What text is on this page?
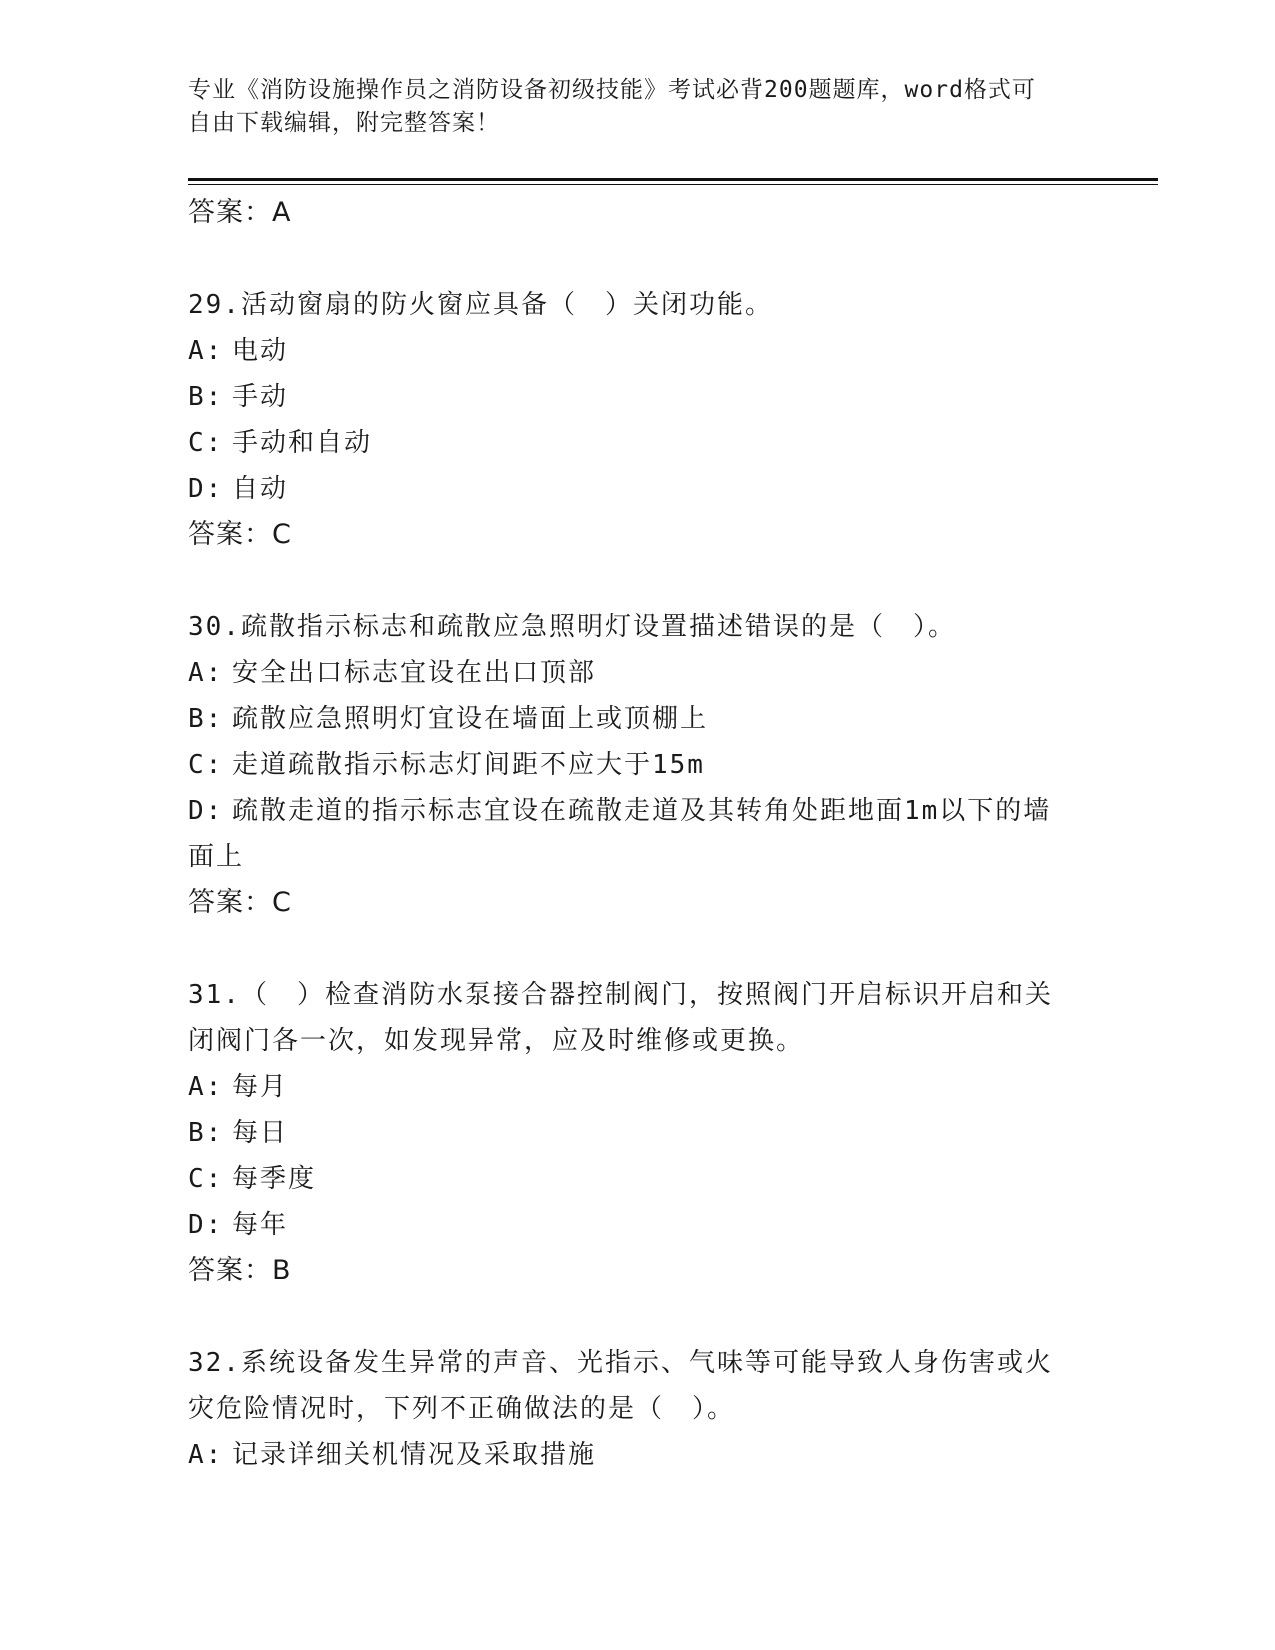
专业《消防设施操作员之消防设备初级技能》考试必背200题题库，word格式可
自由下载编辑，附完整答案！
答案：A
29.活动窗扇的防火窗应具备（　）关闭功能。
A: 电动
B: 手动
C: 手动和自动
D: 自动
答案：C
30.疏散指示标志和疏散应急照明灯设置描述错误的是（　）。
A: 安全出口标志宜设在出口顶部
B: 疏散应急照明灯宜设在墙面上或顶棚上
C: 走道疏散指示标志灯间距不应大于15m
D: 疏散走道的指示标志宜设在疏散走道及其转角处距地面1m以下的墙面上
答案：C
31.（　）检查消防水泵接合器控制阀门，按照阀门开启标识开启和关闭阀门各一次，如发现异常，应及时维修或更换。
A: 每月
B: 每日
C: 每季度
D: 每年
答案：B
32.系统设备发生异常的声音、光指示、气味等可能导致人身伤害或火灾危险情况时，下列不正确做法的是（　）。
A: 记录详细关机情况及采取措施
